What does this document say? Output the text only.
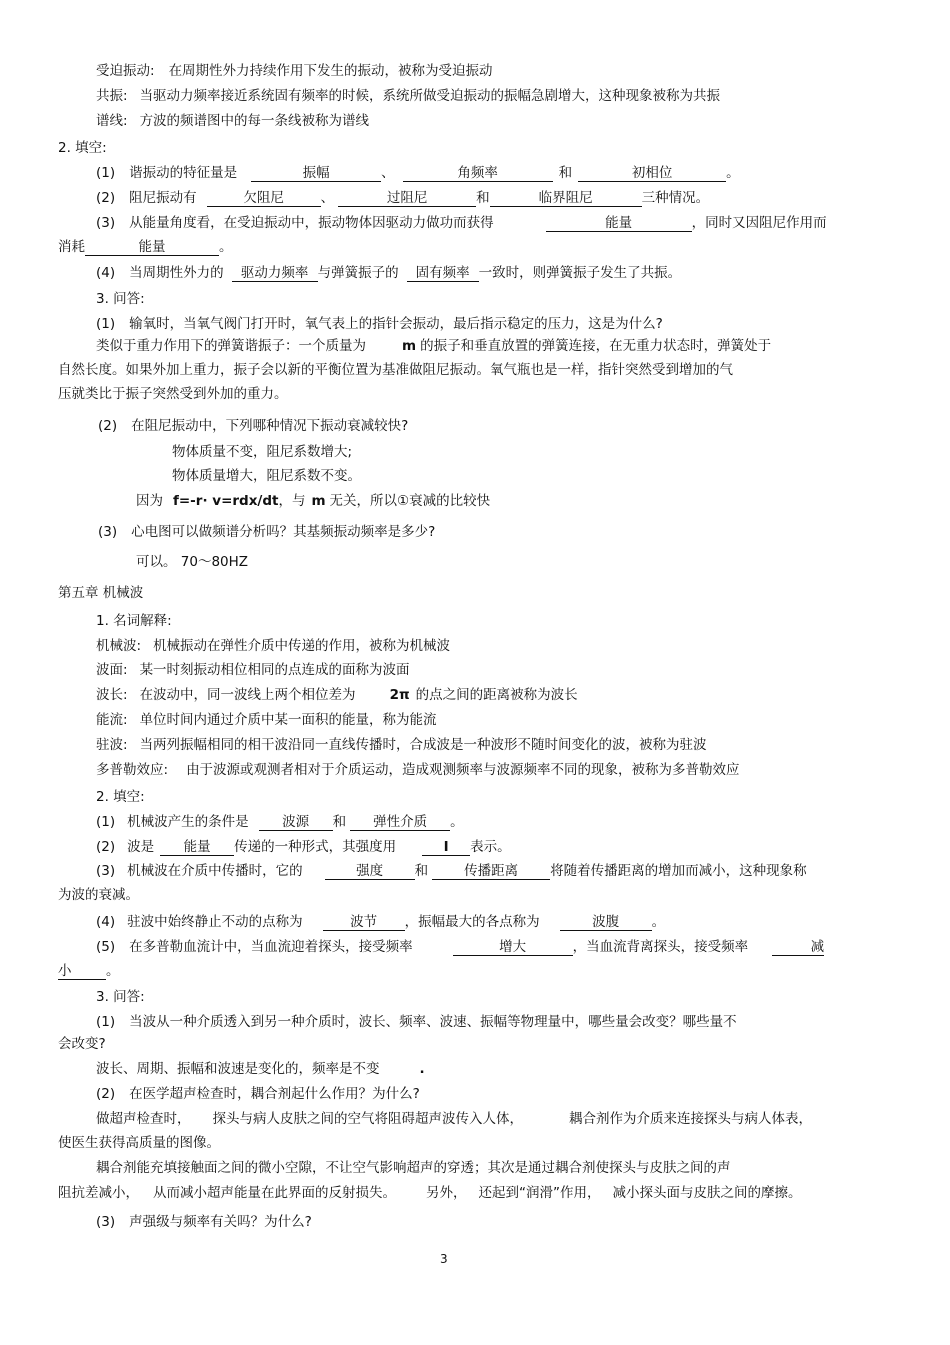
受迫振动: 在周期性外力持续作用下发生的振动，被称为受迫振动
共振: 当驱动力频率接近系统固有频率的时候，系统所做受迫振动的振幅急剧增大，这种现象被称为共振
谱线: 方波的频谱图中的每一条线被称为谱线
2. 填空:
(1) 谐振动的特征量是	振幅	、	角频率	和	初相位	。
(2) 阻尼振动有	欠阻尼	、	过阻尼	和	临界阻尼	三种情况。
(3) 从能量角度看，在受迫振动中，振动物体因驱动力做功而获得	能量	，同时又因阻尼作用而
消耗	能量	。
(4) 当周期性外力的 驱动力频率 与弹簧振子的 固有频率 一致时，则弹簧振子发生了共振。
3. 问答:
(1) 输氧时，当氧气阀门打开时，氧气表上的指针会振动，最后指示稳定的压力，这是为什么?
类似于重力作用下的弹簧谐振子：一个质量为	m 的振子和垂直放置的弹簧连接，在无重力状态时，弹簧处于
自然长度。如果外加上重力，振子会以新的平衡位置为基准做阻尼振动。氧气瓶也是一样，指针突然受到增加的气
压就类比于振子突然受到外加的重力。
(2) 在阻尼振动中，下列哪种情况下振动衰减较快?
物体质量不变，阻尼系数增大;
物体质量增大，阻尼系数不变。
因为 f=-r· v=rdx/dt，与 m 无关，所以①衰减的比较快
(3) 心电图可以做频谱分析吗？其基频振动频率是多少?
可以。 70～80HZ
第五章 机械波
1. 名词解释:
机械波: 机械振动在弹性介质中传递的作用，被称为机械波
波面: 某一时刻振动相位相同的点连成的面称为波面
波长: 在波动中，同一波线上两个相位差为	2π 的点之间的距离被称为波长
能流: 单位时间内通过介质中某一面积的能量，称为能流
驻波: 当两列振幅相同的相干波沿同一直线传播时，合成波是一种波形不随时间变化的波，被称为驻波
多普勒效应: 由于波源或观测者相对于介质运动，造成观测频率与波源频率不同的现象，被称为多普勒效应
2. 填空:
(1) 机械波产生的条件是 波源 和 弹性介质 。
(2) 波是 能量 传递的一种形式，其强度用	I 表示。
(3) 机械波在介质中传播时，它的	强度 和	传播距离 将随着传播距离的增加而减小，这种现象称
为波的衰减。
(4) 驻波中始终静止不动的点称为	波节 ，振幅最大的各点称为	波腹 。
(5) 在多普勒血流计中，当血流迎着探头，接受频率	增大	，当血流背离探头，接受频率	减
小	。
3. 问答:
(1) 当波从一种介质透入到另一种介质时，波长、频率、波速、振幅等物理量中，哪些量会改变？哪些量不
会改变?
波长、周期、振幅和波速是变化的，频率是不变	.
(2) 在医学超声检查时，耦合剂起什么作用？为什么?
做超声检查时， 探头与病人皮肤之间的空气将阻碍超声波传入人体，	耦合剂作为介质来连接探头与病人体表，
使医生获得高质量的图像。
耦合剂能充填接触面之间的微小空隙，不让空气影响超声的穿透；其次是通过耦合剂使探头与皮肤之间的声
阻抗差减小， 从而减小超声能量在此界面的反射损失。 另外， 还起到“润滑”作用， 减小探头面与皮肤之间的摩擦。
(3) 声强级与频率有关吗？为什么?
3
